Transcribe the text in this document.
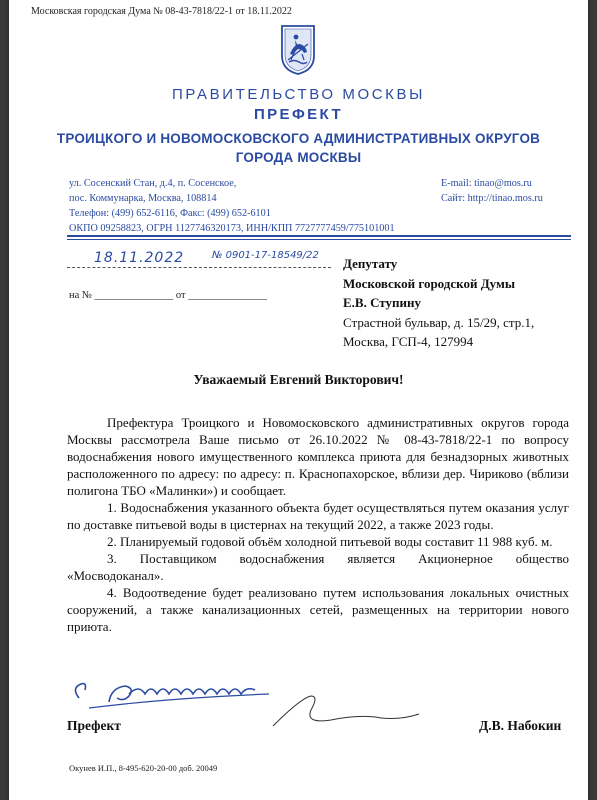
Московская городская Дума № 08-43-7818/22-1 от 18.11.2022
ПРАВИТЕЛЬСТВО МОСКВЫ
ПРЕФЕКТ
ТРОИЦКОГО И НОВОМОСКОВСКОГО АДМИНИСТРАТИВНЫХ ОКРУГОВ
ГОРОДА МОСКВЫ
ул. Сосенский Стан, д.4, п. Сосенское,
пос. Коммунарка, Москва, 108814
Телефон: (499) 652-6116, Факс: (499) 652-6101
ОКПО 09258823, ОГРН 1127746320173, ИНН/КПП 7727777459/775101001
E-mail: tinao@mos.ru
Сайт: http://tinao.mos.ru
18.11.2022	№ 0901-17-18549/22
на № _______________ от _______________
Депутату
Московской городской Думы
Е.В. Ступину
Страстной бульвар, д. 15/29, стр.1,
Москва, ГСП-4, 127994
Уважаемый Евгений Викторович!

Префектура Троицкого и Новомосковского административных округов города Москвы рассмотрела Ваше письмо от 26.10.2022 № 08-43-7818/22-1 по вопросу водоснабжения нового имущественного комплекса приюта для безнадзорных животных расположенного по адресу: по адресу: п. Краснопахорское, вблизи дер. Чириково (вблизи полигона ТБО «Малинки») и сообщает.

1. Водоснабжения указанного объекта будет осуществляться путем оказания услуг по доставке питьевой воды в цистернах на текущий 2022, а также 2023 годы.

2. Планируемый годовой объём холодной питьевой воды составит 11 988 куб. м.

3. Поставщиком водоснабжения является Акционерное общество «Мосводоканал».

4. Водоотведение будет реализовано путем использования локальных очистных сооружений, а также канализационных сетей, размещенных на территории нового приюта.

Префект	Д.В. Набокин
Окунев И.П., 8-495-620-20-00 доб. 20049
